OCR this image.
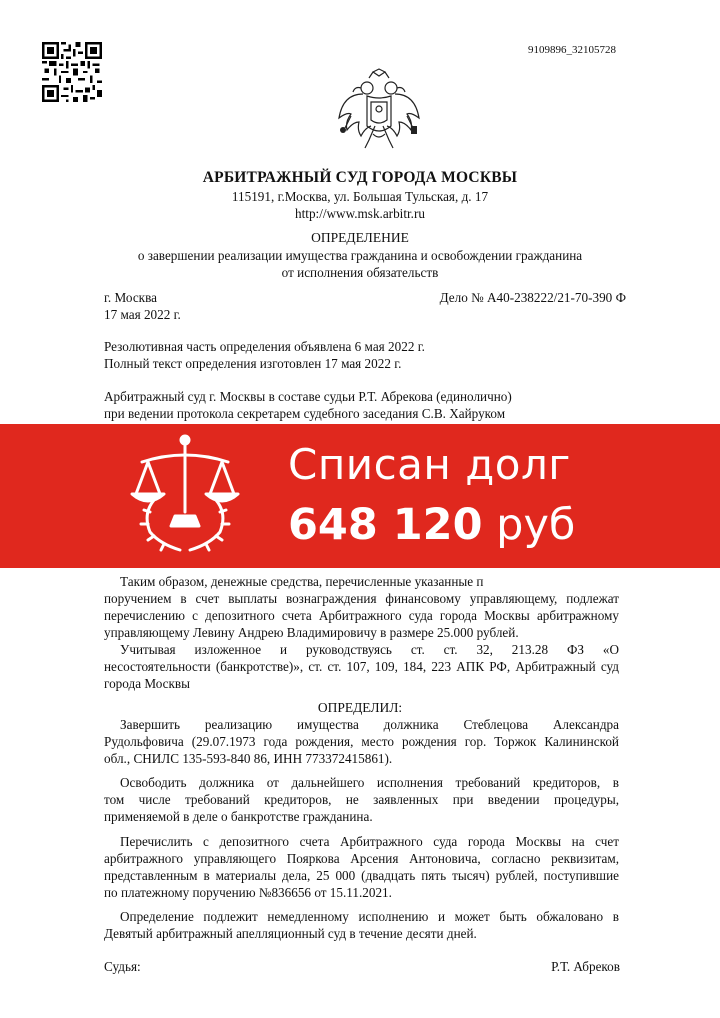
9109896_32105728
АРБИТРАЖНЫЙ СУД ГОРОДА МОСКВЫ
115191, г.Москва, ул. Большая Тульская, д. 17
http://www.msk.arbitr.ru
ОПРЕДЕЛЕНИЕ
о завершении реализации имущества гражданина и освобождении гражданина
от исполнения обязательств
г. Москва	Дело № А40-238222/21-70-390 Ф
17 мая 2022 г.
Резолютивная часть определения объявлена 6 мая 2022 г.
Полный текст определения изготовлен 17 мая 2022 г.
Арбитражный суд г. Москвы в составе судьи Р.Т. Абрекова (единолично)
при ведении протокола секретарем судебного заседания С.В. Хайруком
Списан долг
648 120 руб
Таким образом, денежные средства, перечисленные указанные п
поручением в счет выплаты вознаграждения финансовому управляющему, подлежат
перечислению с депозитного счета Арбитражного суда города Москвы арбитражному
управляющему Левину Андрею Владимировичу в размере 25.000 рублей.
Учитывая изложенное и руководствуясь ст. ст. 32, 213.28 ФЗ «О
несостоятельности (банкротстве)», ст. ст. 107, 109, 184, 223 АПК РФ, Арбитражный суд
города Москвы
ОПРЕДЕЛИЛ:
Завершить реализацию имущества должника Стеблецова Александра
Рудольфовича (29.07.1973 года рождения, место рождения гор. Торжок Калининской
обл., СНИЛС 135-593-840 86, ИНН 773372415861).
Освободить должника от дальнейшего исполнения требований кредиторов, в
том числе требований кредиторов, не заявленных при введении процедуры,
применяемой в деле о банкротстве гражданина.
Перечислить с депозитного счета Арбитражного суда города Москвы на счет
арбитражного управляющего Пояркова Арсения Антоновича, согласно реквизитам,
представленным в материалы дела, 25 000 (двадцать пять тысяч) рублей, поступившие
по платежному поручению №836656 от 15.11.2021.
Определение подлежит немедленному исполнению и может быть обжаловано в
Девятый арбитражный апелляционный суд в течение десяти дней.
Судья:	Р.Т. Абреков
